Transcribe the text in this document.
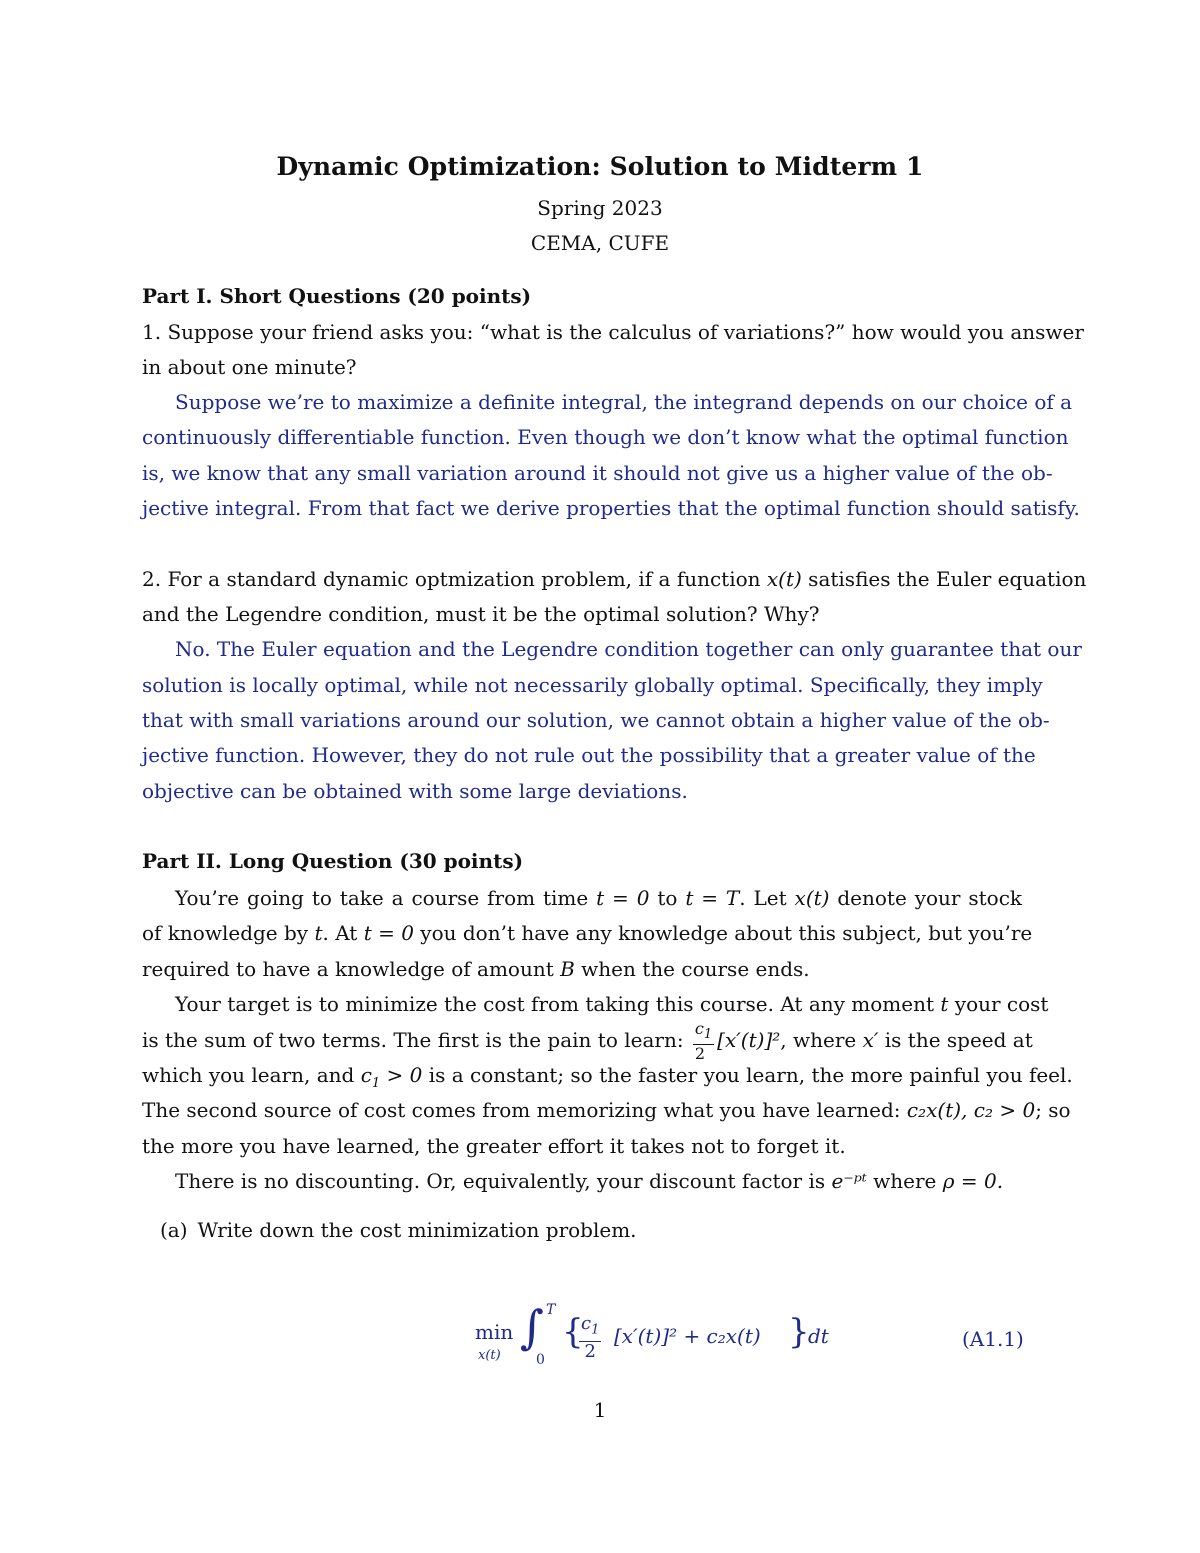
Dynamic Optimization: Solution to Midterm 1
Spring 2023
CEMA, CUFE
Part I. Short Questions (20 points)
1. Suppose your friend asks you: “what is the calculus of variations?” how would you answer
in about one minute?
Suppose we’re to maximize a definite integral, the integrand depends on our choice of a
continuously differentiable function. Even though we don’t know what the optimal function
is, we know that any small variation around it should not give us a higher value of the ob-
jective integral. From that fact we derive properties that the optimal function should satisfy.
2. For a standard dynamic optmization problem, if a function x(t) satisfies the Euler equation
and the Legendre condition, must it be the optimal solution? Why?
No. The Euler equation and the Legendre condition together can only guarantee that our
solution is locally optimal, while not necessarily globally optimal. Specifically, they imply
that with small variations around our solution, we cannot obtain a higher value of the ob-
jective function. However, they do not rule out the possibility that a greater value of the
objective can be obtained with some large deviations.
Part II. Long Question (30 points)
You’re going to take a course from time t = 0 to t = T. Let x(t) denote your stock
of knowledge by t. At t = 0 you don’t have any knowledge about this subject, but you’re
required to have a knowledge of amount B when the course ends.
Your target is to minimize the cost from taking this course. At any moment t your cost
is the sum of two terms. The first is the pain to learn: $\frac{c_1}{2} [x'(t)]^2$, where x′ is the speed at
which you learn, and $c_1 > 0$ is a constant; so the faster you learn, the more painful you feel.
The second source of cost comes from memorizing what you have learned: c₂x(t), c₂ > 0; so
the more you have learned, the greater effort it takes not to forget it.
There is no discounting. Or, equivalently, your discount factor is e⁻ᵖᵗ where ρ = 0.
(a) Write down the cost minimization problem.
min
x(t)
∫ T
0
{
$\frac{c_1}{2} [x'(t)]^2 + c_2x(t)$ }
dt	(A1.1)
1
